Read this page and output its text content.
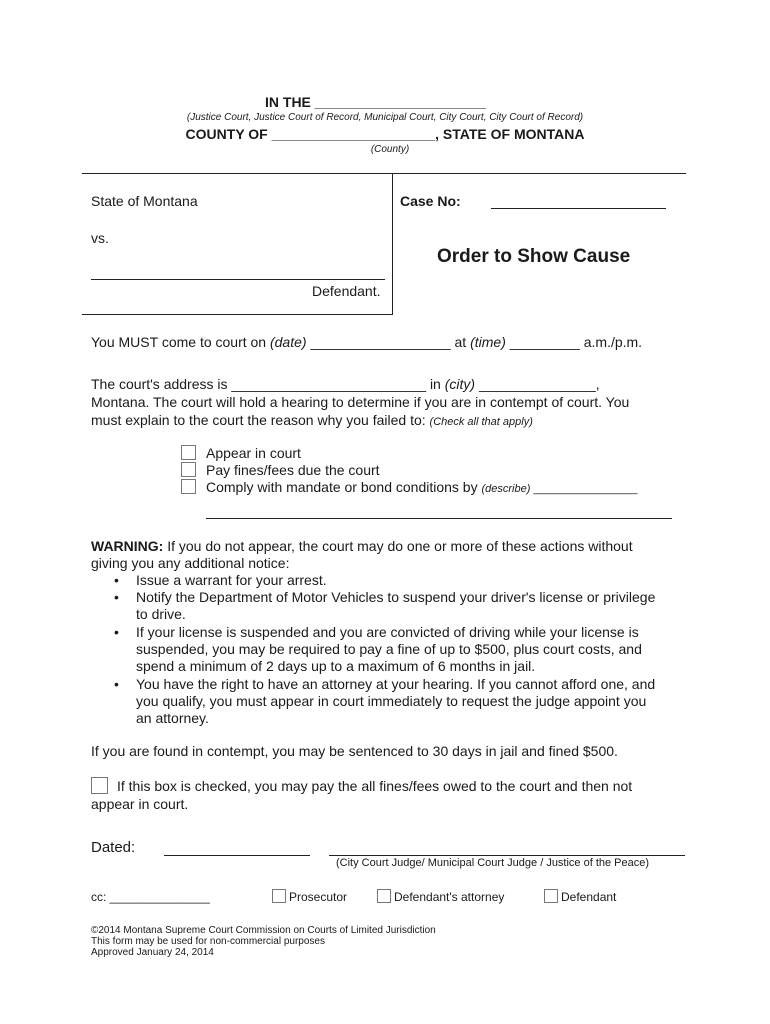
IN THE ______________________
(Justice Court, Justice Court of Record, Municipal Court, City Court, City Court of Record)
COUNTY OF _____________________, STATE OF MONTANA
(County)
State of Montana
vs.
Defendant.
Case No:
Order to Show Cause
You MUST come to court on (date) __________________ at (time) _________ a.m./p.m.
The court's address is _________________________ in (city) _______________,
Montana. The court will hold a hearing to determine if you are in contempt of court. You
must explain to the court the reason why you failed to: (Check all that apply)
Appear in court
Pay fines/fees due the court
Comply with mandate or bond conditions by (describe) _________________
WARNING: If you do not appear, the court may do one or more of these actions without
giving you any additional notice:
• Issue a warrant for your arrest.
• Notify the Department of Motor Vehicles to suspend your driver's license or privilege
to drive.
• If your license is suspended and you are convicted of driving while your license is
suspended, you may be required to pay a fine of up to $500, plus court costs, and
spend a minimum of 2 days up to a maximum of 6 months in jail.
• You have the right to have an attorney at your hearing. If you cannot afford one, and
you qualify, you must appear in court immediately to request the judge appoint you
an attorney.
If you are found in contempt, you may be sentenced to 30 days in jail and fined $500.
If this box is checked, you may pay the all fines/fees owed to the court and then not
appear in court.
Dated:
(City Court Judge/ Municipal Court Judge / Justice of the Peace)
cc: _______________	Prosecutor	Defendant's attorney	Defendant
©2014 Montana Supreme Court Commission on Courts of Limited Jurisdiction
This form may be used for non-commercial purposes
Approved January 24, 2014
